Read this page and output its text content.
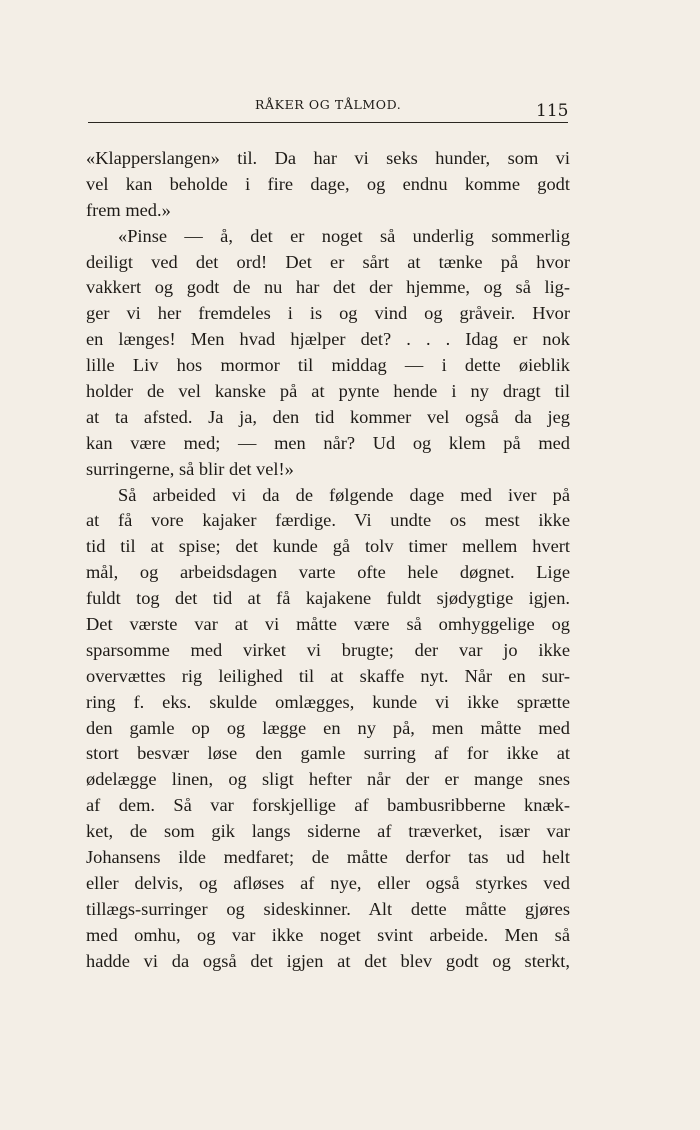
RÅKER OG TÅLMOD.	115
«Klapperslangen» til. Da har vi seks hunder, som vi
vel kan beholde i fire dage, og endnu komme godt
frem med.»
«Pinse — å, det er noget så underlig sommerlig
deiligt ved det ord! Det er sårt at tænke på hvor
vakkert og godt de nu har det der hjemme, og så lig-
ger vi her fremdeles i is og vind og gråveir. Hvor
en længes! Men hvad hjælper det? . . . Idag er nok
lille Liv hos mormor til middag — i dette øieblik
holder de vel kanske på at pynte hende i ny dragt til
at ta afsted. Ja ja, den tid kommer vel også da jeg
kan være med; — men når? Ud og klem på med
surringerne, så blir det vel!»
Så arbeided vi da de følgende dage med iver på
at få vore kajaker færdige. Vi undte os mest ikke
tid til at spise; det kunde gå tolv timer mellem hvert
mål, og arbeidsdagen varte ofte hele døgnet. Lige
fuldt tog det tid at få kajakene fuldt sjødygtige igjen.
Det værste var at vi måtte være så omhyggelige og
sparsomme med virket vi brugte; der var jo ikke
overvættes rig leilighed til at skaffe nyt. Når en sur-
ring f. eks. skulde omlægges, kunde vi ikke sprætte
den gamle op og lægge en ny på, men måtte med
stort besvær løse den gamle surring af for ikke at
ødelægge linen, og sligt hefter når der er mange snes
af dem. Så var forskjellige af bambusribberne knæk-
ket, de som gik langs siderne af træverket, især var
Johansens ilde medfaret; de måtte derfor tas ud helt
eller delvis, og afløses af nye, eller også styrkes ved
tillægs-surringer og sideskinner. Alt dette måtte gjøres
med omhu, og var ikke noget svint arbeide. Men så
hadde vi da også det igjen at det blev godt og sterkt,
